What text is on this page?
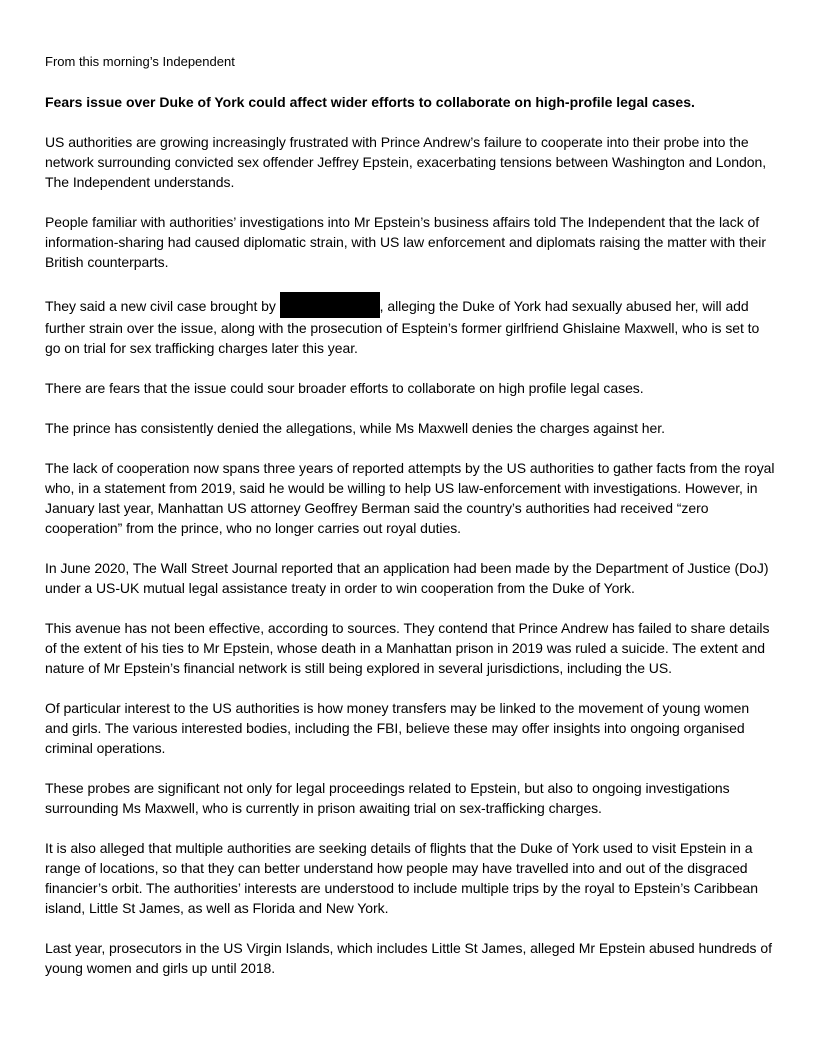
From this morning’s Independent

Fears issue over Duke of York could affect wider efforts to collaborate on high-profile legal cases.

US authorities are growing increasingly frustrated with Prince Andrew’s failure to cooperate into their probe into the network surrounding convicted sex offender Jeffrey Epstein, exacerbating tensions between Washington and London, The Independent understands.

People familiar with authorities’ investigations into Mr Epstein’s business affairs told The Independent that the lack of information-sharing had caused diplomatic strain, with US law enforcement and diplomats raising the matter with their British counterparts.

They said a new civil case brought by	, alleging the Duke of York had sexually abused her, will add further strain over the issue, along with the prosecution of Esptein’s former girlfriend Ghislaine Maxwell, who is set to go on trial for sex trafficking charges later this year.

There are fears that the issue could sour broader efforts to collaborate on high profile legal cases.

The prince has consistently denied the allegations, while Ms Maxwell denies the charges against her.

The lack of cooperation now spans three years of reported attempts by the US authorities to gather facts from the royal who, in a statement from 2019, said he would be willing to help US law-enforcement with investigations. However, in January last year, Manhattan US attorney Geoffrey Berman said the country’s authorities had received “zero cooperation” from the prince, who no longer carries out royal duties.

In June 2020, The Wall Street Journal reported that an application had been made by the Department of Justice (DoJ) under a US-UK mutual legal assistance treaty in order to win cooperation from the Duke of York.

This avenue has not been effective, according to sources. They contend that Prince Andrew has failed to share details of the extent of his ties to Mr Epstein, whose death in a Manhattan prison in 2019 was ruled a suicide. The extent and nature of Mr Epstein’s financial network is still being explored in several jurisdictions, including the US.

Of particular interest to the US authorities is how money transfers may be linked to the movement of young women and girls. The various interested bodies, including the FBI, believe these may offer insights into ongoing organised criminal operations.

These probes are significant not only for legal proceedings related to Epstein, but also to ongoing investigations surrounding Ms Maxwell, who is currently in prison awaiting trial on sex-trafficking charges.

It is also alleged that multiple authorities are seeking details of flights that the Duke of York used to visit Epstein in a range of locations, so that they can better understand how people may have travelled into and out of the disgraced financier’s orbit. The authorities’ interests are understood to include multiple trips by the royal to Epstein’s Caribbean island, Little St James, as well as Florida and New York.

Last year, prosecutors in the US Virgin Islands, which includes Little St James, alleged Mr Epstein abused hundreds of young women and girls up until 2018.
